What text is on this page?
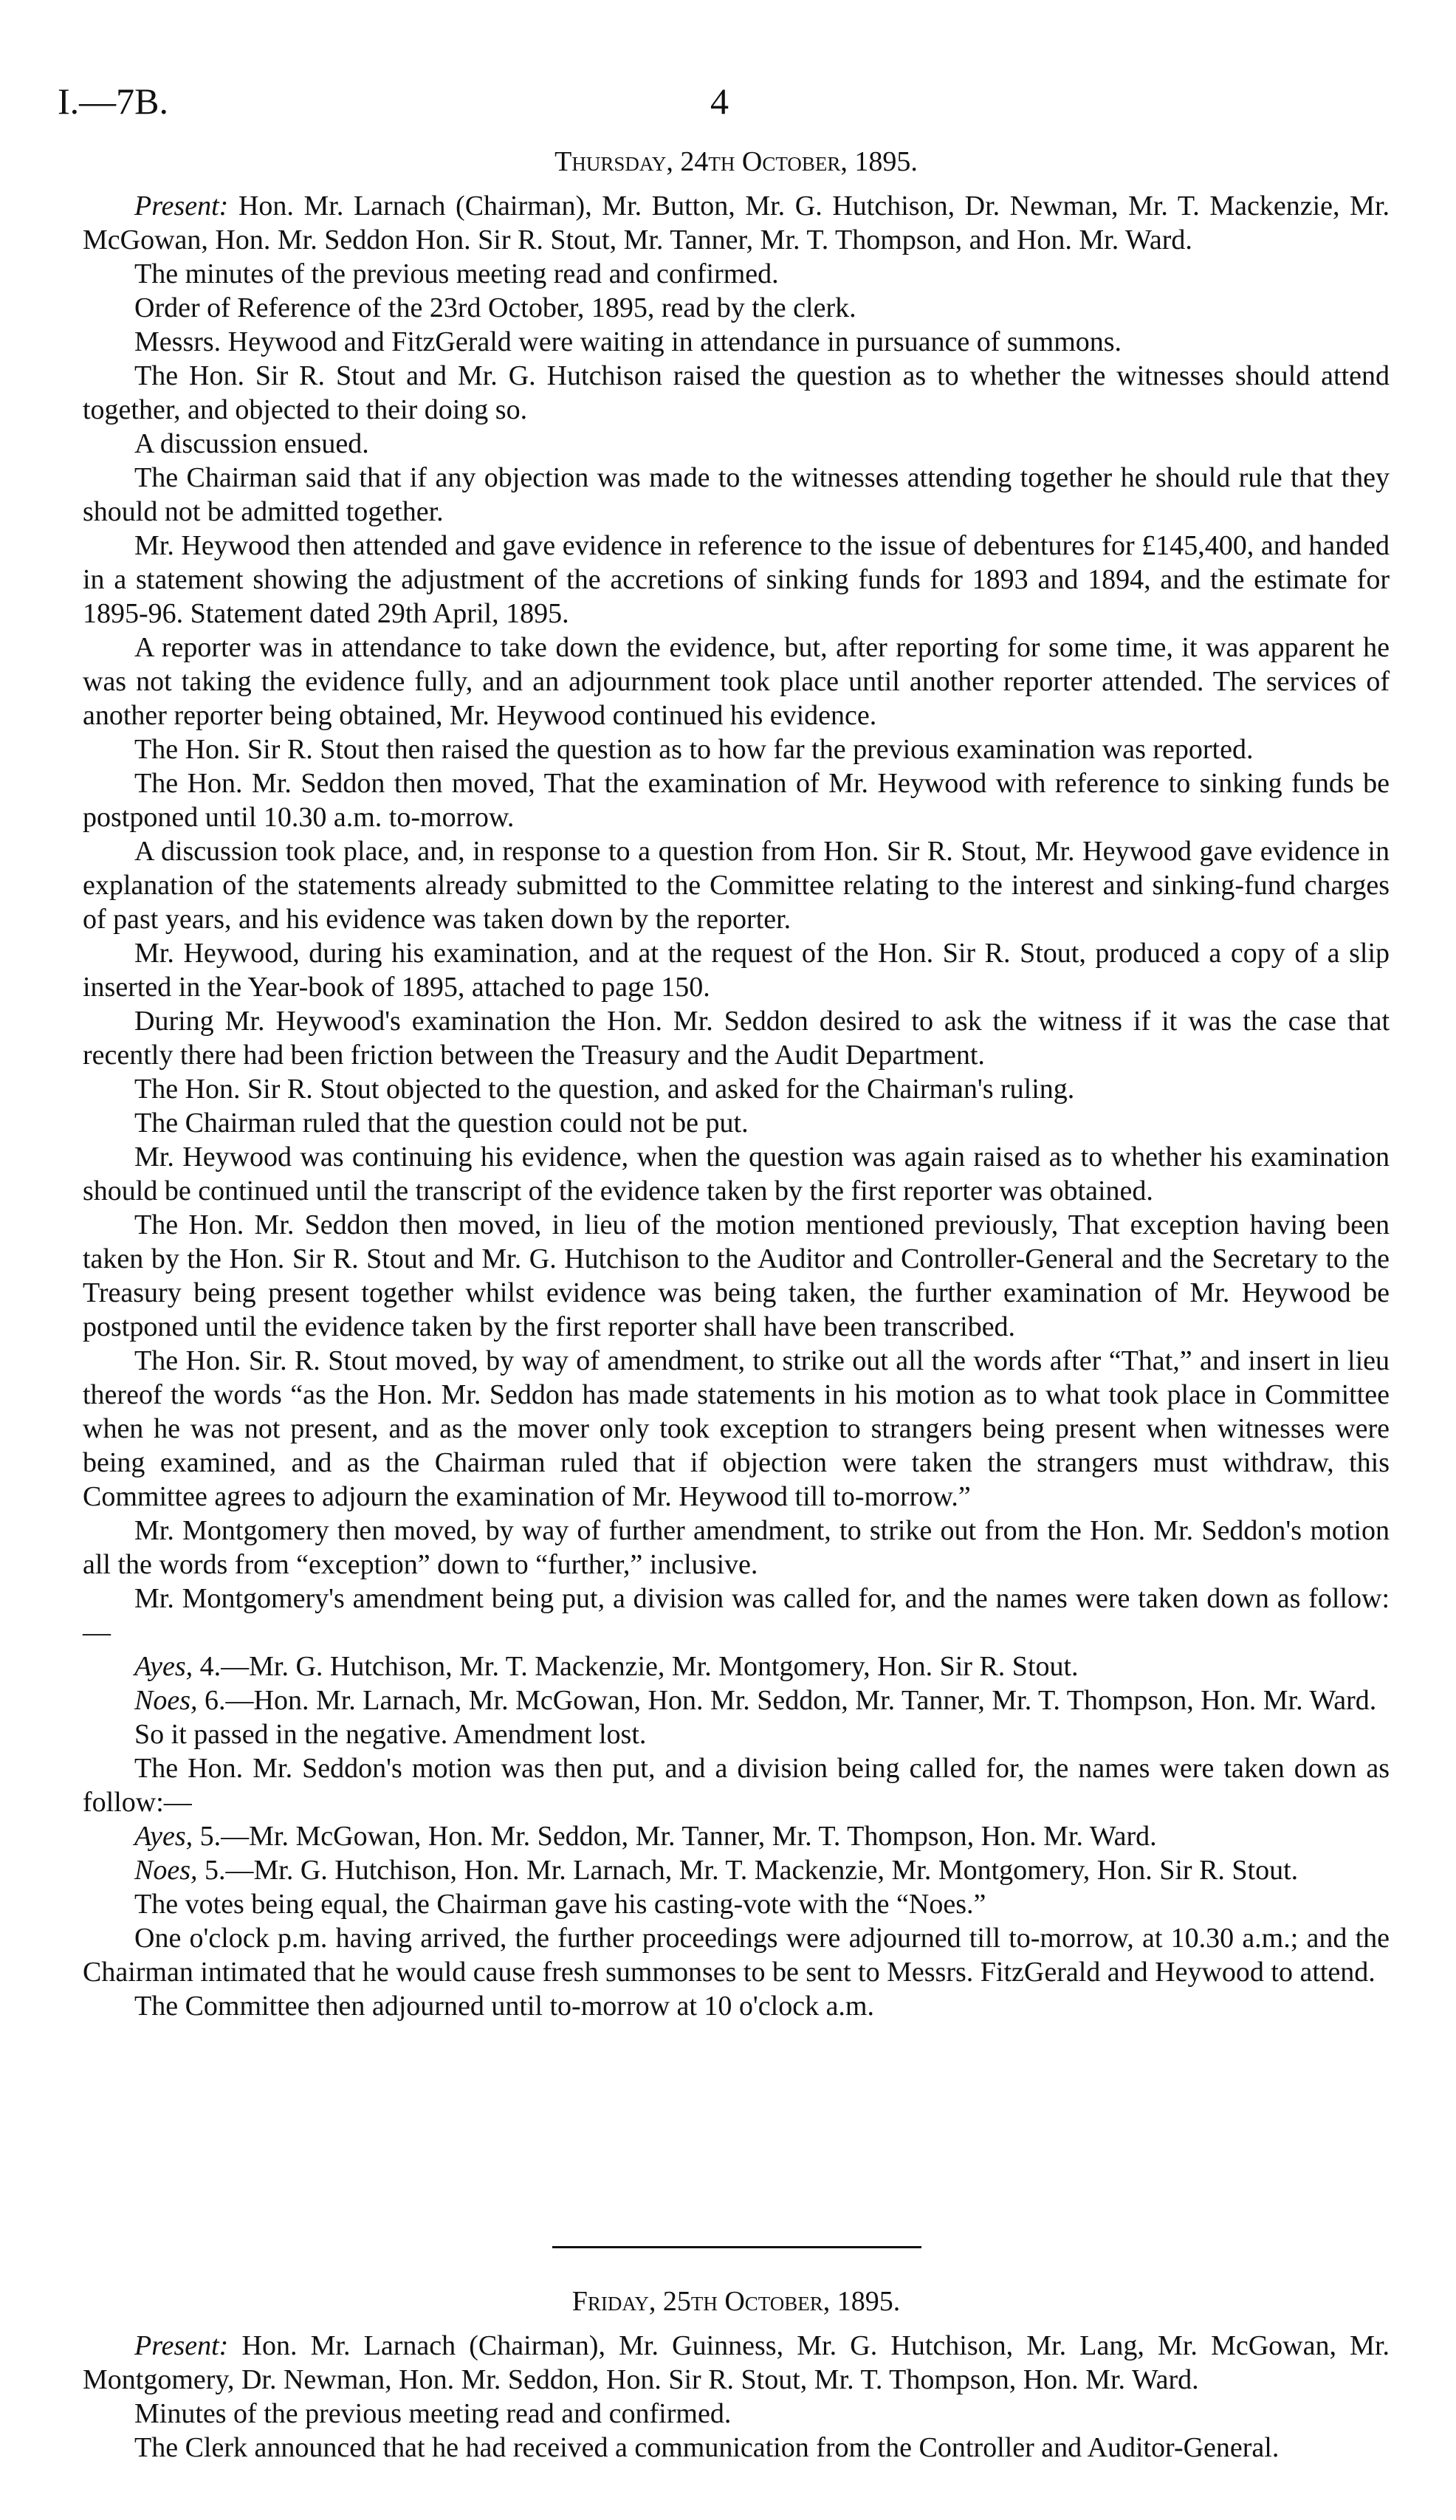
I.—7B.	4
Thursday, 24th October, 1895.

Present: Hon. Mr. Larnach (Chairman), Mr. Button, Mr. G. Hutchison, Dr. Newman, Mr. T. Mackenzie, Mr. McGowan, Hon. Mr. Seddon Hon. Sir R. Stout, Mr. Tanner, Mr. T. Thompson, and Hon. Mr. Ward.

The minutes of the previous meeting read and confirmed.

Order of Reference of the 23rd October, 1895, read by the clerk.

Messrs. Heywood and FitzGerald were waiting in attendance in pursuance of summons.

The Hon. Sir R. Stout and Mr. G. Hutchison raised the question as to whether the witnesses should attend together, and objected to their doing so.

A discussion ensued.

The Chairman said that if any objection was made to the witnesses attending together he should rule that they should not be admitted together.

Mr. Heywood then attended and gave evidence in reference to the issue of debentures for £145,400, and handed in a statement showing the adjustment of the accretions of sinking funds for 1893 and 1894, and the estimate for 1895-96. Statement dated 29th April, 1895.

A reporter was in attendance to take down the evidence, but, after reporting for some time, it was apparent he was not taking the evidence fully, and an adjournment took place until another reporter attended. The services of another reporter being obtained, Mr. Heywood continued his evidence.

The Hon. Sir R. Stout then raised the question as to how far the previous examination was reported.

The Hon. Mr. Seddon then moved, That the examination of Mr. Heywood with reference to sinking funds be postponed until 10.30 a.m. to-morrow.

A discussion took place, and, in response to a question from Hon. Sir R. Stout, Mr. Heywood gave evidence in explanation of the statements already submitted to the Committee relating to the interest and sinking-fund charges of past years, and his evidence was taken down by the reporter.

Mr. Heywood, during his examination, and at the request of the Hon. Sir R. Stout, produced a copy of a slip inserted in the Year-book of 1895, attached to page 150.

During Mr. Heywood's examination the Hon. Mr. Seddon desired to ask the witness if it was the case that recently there had been friction between the Treasury and the Audit Department.

The Hon. Sir R. Stout objected to the question, and asked for the Chairman's ruling.

The Chairman ruled that the question could not be put.

Mr. Heywood was continuing his evidence, when the question was again raised as to whether his examination should be continued until the transcript of the evidence taken by the first reporter was obtained.

The Hon. Mr. Seddon then moved, in lieu of the motion mentioned previously, That exception having been taken by the Hon. Sir R. Stout and Mr. G. Hutchison to the Auditor and Controller-General and the Secretary to the Treasury being present together whilst evidence was being taken, the further examination of Mr. Heywood be postponed until the evidence taken by the first reporter shall have been transcribed.

The Hon. Sir. R. Stout moved, by way of amendment, to strike out all the words after “That,” and insert in lieu thereof the words “as the Hon. Mr. Seddon has made statements in his motion as to what took place in Committee when he was not present, and as the mover only took exception to strangers being present when witnesses were being examined, and as the Chairman ruled that if objection were taken the strangers must withdraw, this Committee agrees to adjourn the examination of Mr. Heywood till to-morrow.”

Mr. Montgomery then moved, by way of further amendment, to strike out from the Hon. Mr. Seddon's motion all the words from “exception” down to “further,” inclusive.

Mr. Montgomery's amendment being put, a division was called for, and the names were taken down as follow:—

Ayes, 4.—Mr. G. Hutchison, Mr. T. Mackenzie, Mr. Montgomery, Hon. Sir R. Stout.

Noes, 6.—Hon. Mr. Larnach, Mr. McGowan, Hon. Mr. Seddon, Mr. Tanner, Mr. T. Thompson, Hon. Mr. Ward.

So it passed in the negative. Amendment lost.

The Hon. Mr. Seddon's motion was then put, and a division being called for, the names were taken down as follow:—

Ayes, 5.—Mr. McGowan, Hon. Mr. Seddon, Mr. Tanner, Mr. T. Thompson, Hon. Mr. Ward.

Noes, 5.—Mr. G. Hutchison, Hon. Mr. Larnach, Mr. T. Mackenzie, Mr. Montgomery, Hon. Sir R. Stout.

The votes being equal, the Chairman gave his casting-vote with the “Noes.”

One o'clock p.m. having arrived, the further proceedings were adjourned till to-morrow, at 10.30 a.m.; and the Chairman intimated that he would cause fresh summonses to be sent to Messrs. FitzGerald and Heywood to attend.

The Committee then adjourned until to-morrow at 10 o'clock a.m.

Friday, 25th October, 1895.

Present: Hon. Mr. Larnach (Chairman), Mr. Guinness, Mr. G. Hutchison, Mr. Lang, Mr. McGowan, Mr. Montgomery, Dr. Newman, Hon. Mr. Seddon, Hon. Sir R. Stout, Mr. T. Thompson, Hon. Mr. Ward.

Minutes of the previous meeting read and confirmed.

The Clerk announced that he had received a communication from the Controller and Auditor-General.
